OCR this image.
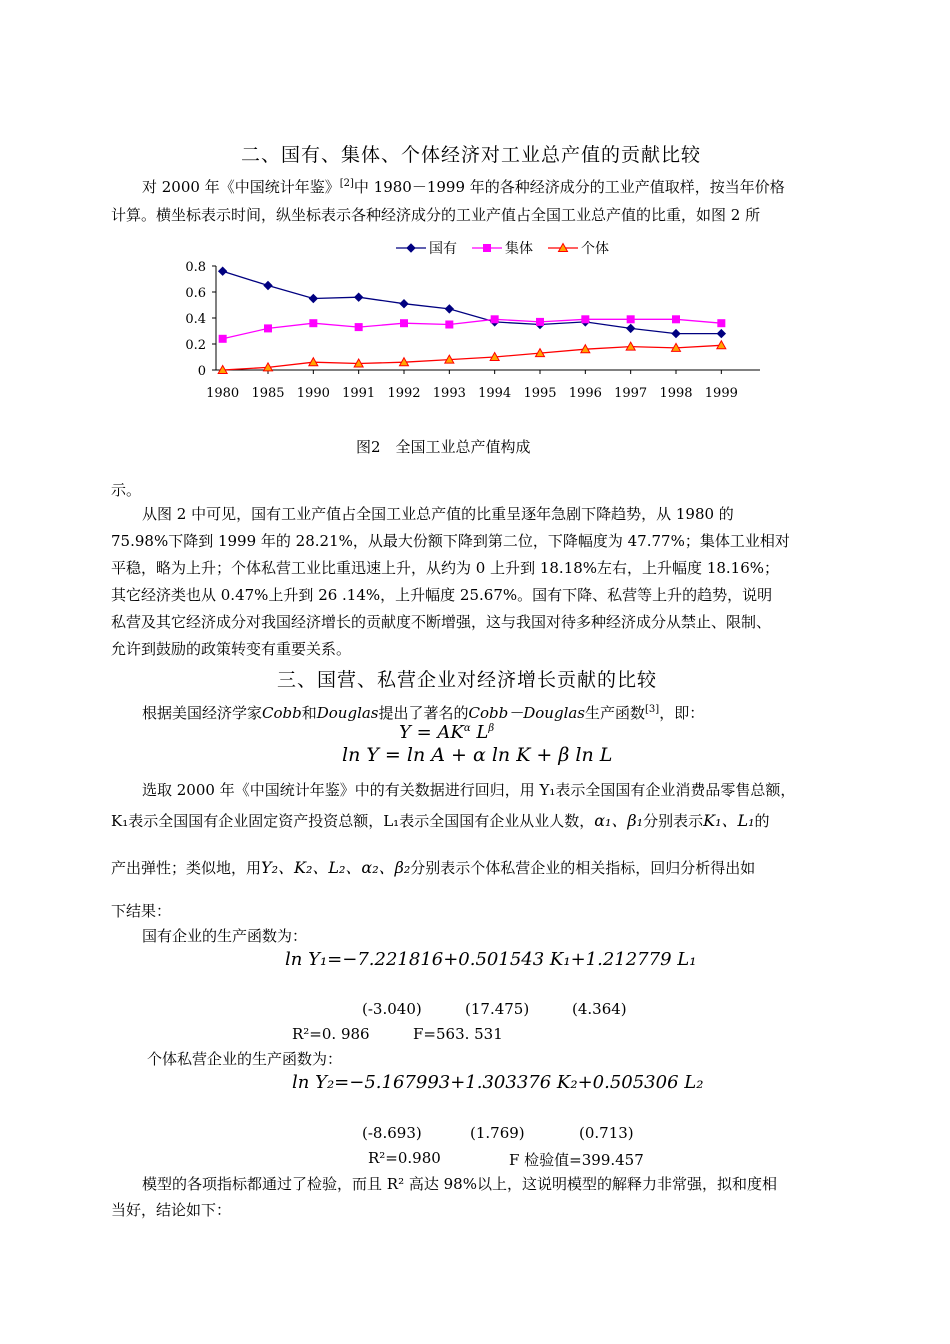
二、国有、集体、个体经济对工业总产值的贡献比较
对 2000 年《中国统计年鉴》[2]中 1980－1999 年的各种经济成分的工业产值取样，按当年价格
计算。横坐标表示时间，纵坐标表示各种经济成分的工业产值占全国工业总产值的比重，如图 2 所
国有	集体	个体
0
0.2
0.4
0.6
0.8
1980 1985 1990 1991 1992 1993 1994 1995 1996 1997 1998 1999
图2　全国工业总产值构成
示。
从图 2 中可见，国有工业产值占全国工业总产值的比重呈逐年急剧下降趋势，从 1980 的
75.98%下降到 1999 年的 28.21%，从最大份额下降到第二位，下降幅度为 47.77%；集体工业相对
平稳，略为上升；个体私营工业比重迅速上升，从约为 0 上升到 18.18%左右，上升幅度 18.16%；
其它经济类也从 0.47%上升到 26 .14%，上升幅度 25.67%。国有下降、私营等上升的趋势，说明
私营及其它经济成分对我国经济增长的贡献度不断增强，这与我国对待多种经济成分从禁止、限制、
允许到鼓励的政策转变有重要关系。
三、国营、私营企业对经济增长贡献的比较
根据美国经济学家Cobb和Douglas提出了著名的Cobb－Douglas生产函数[3]，即：
$Y = AK^\alpha$ $L^\beta$
ln Y = ln A + α ln K + β ln L
选取 2000 年《中国统计年鉴》中的有关数据进行回归，用 Y₁表示全国国有企业消费品零售总额，
K₁表示全国国有企业固定资产投资总额，L₁表示全国国有企业从业人数，α₁、β₁分别表示K₁、L₁的
产出弹性；类似地，用Y₂、K₂、L₂、α₂、β₂分别表示个体私营企业的相关指标，回归分析得出如
下结果：
国有企业的生产函数为：
ln Y₁=−7.221816+0.501543 K₁+1.212779 L₁
(-3.040)	(17.475)	(4.364)
R²=0. 986	F=563. 531
个体私营企业的生产函数为：
ln Y₂=−5.167993+1.303376 K₂+0.505306 L₂
(-8.693)	(1.769)	(0.713)
R²=0.980	F 检验值=399.457
模型的各项指标都通过了检验，而且 R² 高达 98%以上，这说明模型的解释力非常强，拟和度相
当好，结论如下：
